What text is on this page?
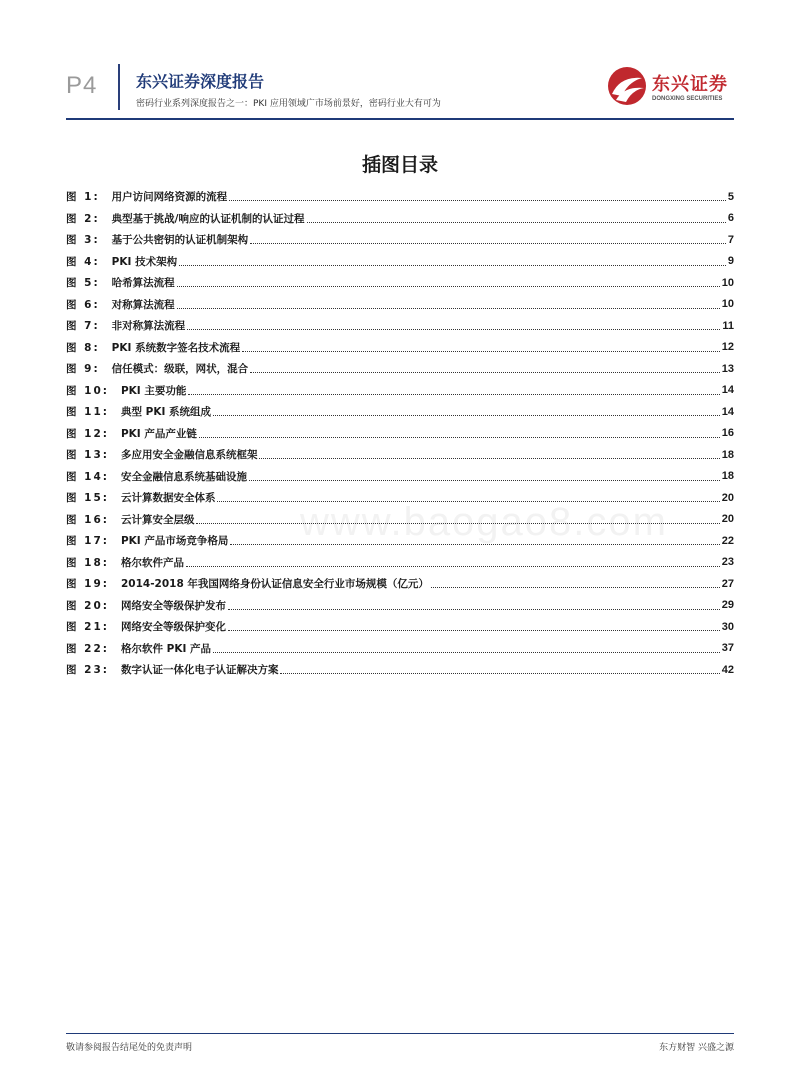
P4 东兴证券深度报告
密码行业系列深度报告之一：PKI 应用领域广市场前景好，密码行业大有可为
东兴证券
DONGXING SECURITIES
插图目录
图 1: 用户访问网络资源的流程	5
图 2: 典型基于挑战/响应的认证机制的认证过程	6
图 3: 基于公共密钥的认证机制架构	7
图 4: PKI 技术架构	9
图 5: 哈希算法流程	10
图 6: 对称算法流程	10
图 7: 非对称算法流程	11
图 8: PKI 系统数字签名技术流程	12
图 9: 信任模式：级联，网状，混合	13
图 10: PKI 主要功能	14
图 11: 典型 PKI 系统组成	14
图 12: PKI 产品产业链	16
图 13: 多应用安全金融信息系统框架	18
图 14: 安全金融信息系统基础设施	18
图 15: 云计算数据安全体系	20
图 16: 云计算安全层级	20
图 17: PKI 产品市场竞争格局	22
图 18: 格尔软件产品	23
图 19: 2014-2018 年我国网络身份认证信息安全行业市场规模（亿元）	27
图 20: 网络安全等级保护发布	29
图 21: 网络安全等级保护变化	30
图 22: 格尔软件 PKI 产品	37
图 23: 数字认证一体化电子认证解决方案	42
www.baogao8.com
敬请参阅报告结尾处的免责声明	东方财智 兴盛之源
